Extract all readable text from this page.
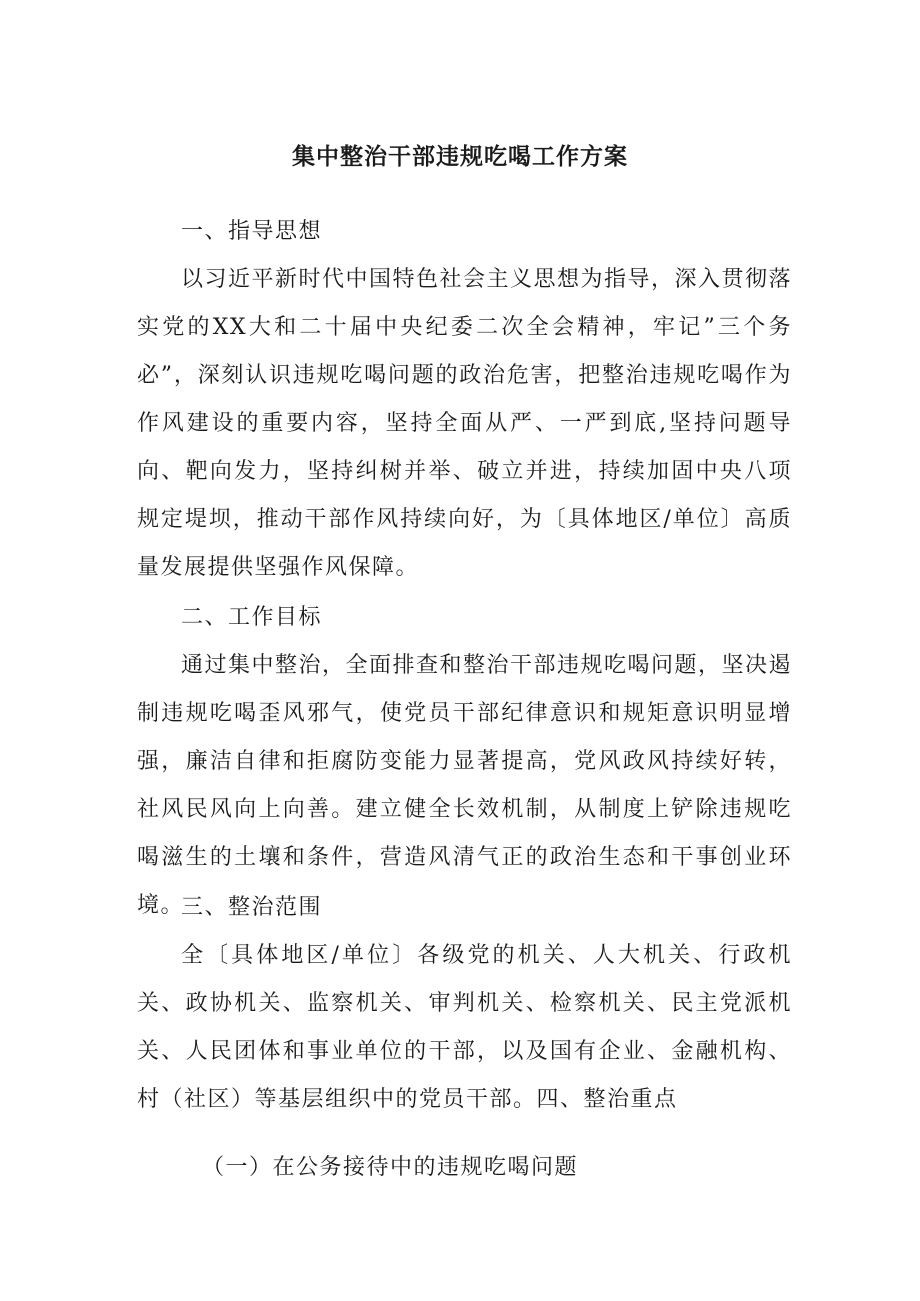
集中整治干部违规吃喝工作方案

一、指导思想

以习近平新时代中国特色社会主义思想为指导，深入贯彻落实党的XX大和二十届中央纪委二次全会精神，牢记”三个务必”，深刻认识违规吃喝问题的政治危害，把整治违规吃喝作为作风建设的重要内容，坚持全面从严、一严到底,坚持问题导向、靶向发力，坚持纠树并举、破立并进，持续加固中央八项规定堤坝，推动干部作风持续向好，为〔具体地区/单位〕高质量发展提供坚强作风保障。

二、工作目标

通过集中整治，全面排查和整治干部违规吃喝问题，坚决遏制违规吃喝歪风邪气，使党员干部纪律意识和规矩意识明显增强，廉洁自律和拒腐防变能力显著提高，党风政风持续好转，社风民风向上向善。建立健全长效机制，从制度上铲除违规吃喝滋生的土壤和条件，营造风清气正的政治生态和干事创业环境。

三、整治范围

全〔具体地区/单位〕各级党的机关、人大机关、行政机关、政协机关、监察机关、审判机关、检察机关、民主党派机关、人民团体和事业单位的干部，以及国有企业、金融机构、村（社区）等基层组织中的党员干部。四、整治重点

（一）在公务接待中的违规吃喝问题
